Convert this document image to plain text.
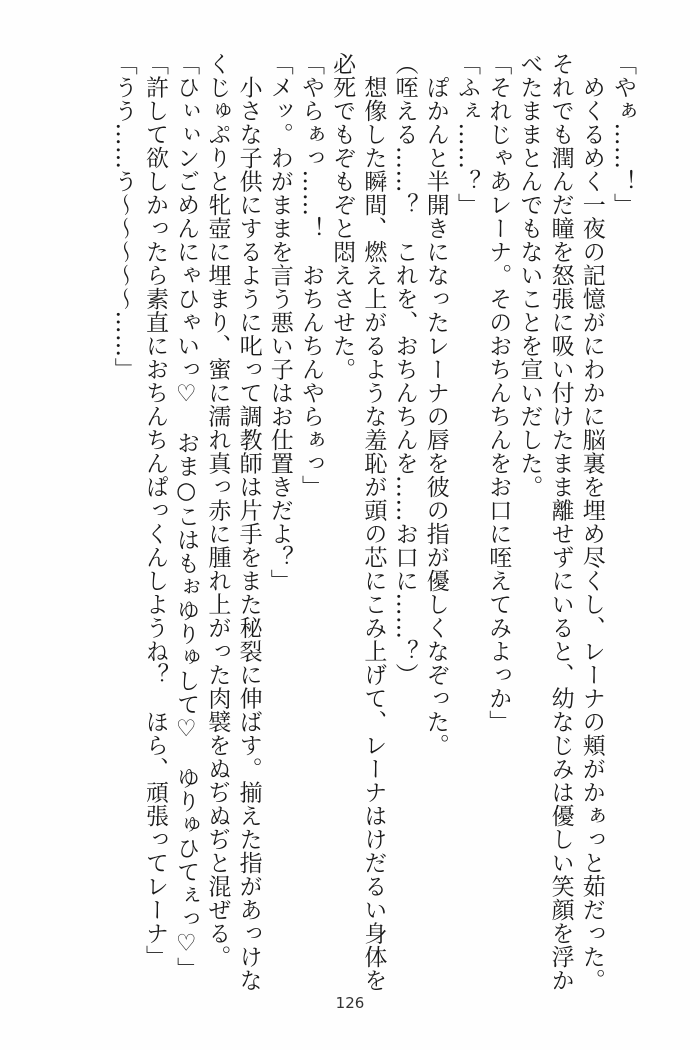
「やぁ……！」

　めくるめく一夜の記憶がにわかに脳裏を埋め尽くし、レーナの頬がかぁっと茹だった。

それでも潤んだ瞳を怒張に吸い付けたまま離せずにいると、幼なじみは優しい笑顔を浮か

べたままとんでもないことを宣いだした。

「それじゃあレーナ。そのおちんちんをお口に咥えてみよっか」

「ふぇ……？」

　ぽかんと半開きになったレーナの唇を彼の指が優しくなぞった。

（咥える……？　これを、おちんちんを……お口に……？）

　想像した瞬間、燃え上がるような羞恥が頭の芯にこみ上げて、レーナはけだるい身体を

必死でもぞもぞと悶えさせた。

「やらぁっ……！　おちんちんやらぁっ」

「メッ。わがままを言う悪い子はお仕置きだよ？」

　小さな子供にするように叱って調教師は片手をまた秘裂に伸ばす。揃えた指があっけな

くじゅぷりと牝壺に埋まり、蜜に濡れ真っ赤に腫れ上がった肉襞をぬぢぬぢと混ぜる。

「ひぃぃンごめんにゃひゃいっ♡　おま○こはもぉゆりゅして♡　ゆりゅひてぇっ♡」

「許して欲しかったら素直におちんちんぱっくんしようね？　ほら、頑張ってレーナ」

「うう……う～～～～～……」

126
